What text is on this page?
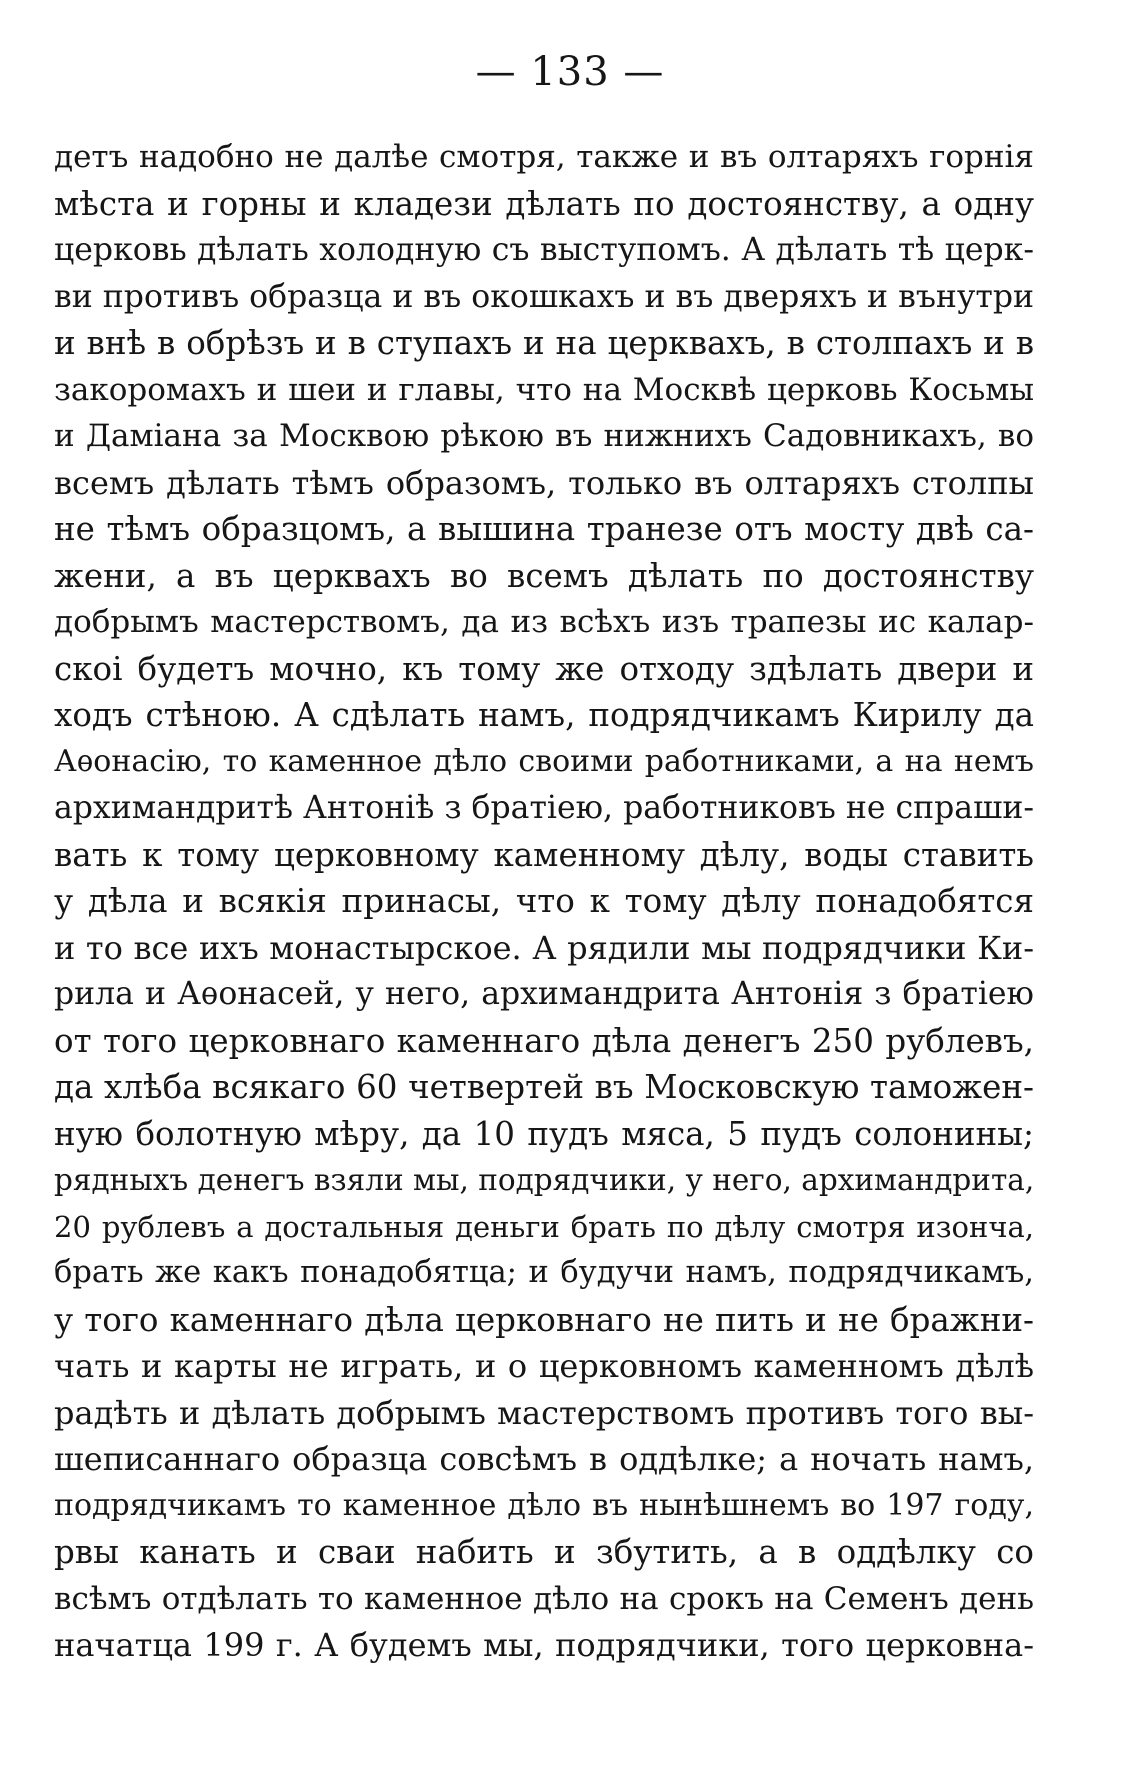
— 133 —
детъ надобно не далѣе смотря, также и въ олтаряхъ горнія
мѣста и горны и кладези дѣлать по достоянству, а одну
церковь дѣлать холодную съ выступомъ. А дѣлать тѣ церк-
ви противъ образца и въ окошкахъ и въ дверяхъ и вънутри
и внѣ в обрѣзъ и в ступахъ и на церквахъ, в столпахъ и в
закоромахъ и шеи и главы, что на Москвѣ церковь Косьмы
и Даміана за Москвою рѣкою въ нижнихъ Садовникахъ, во
всемъ дѣлать тѣмъ образомъ, только въ олтаряхъ столпы
не тѣмъ образцомъ, а вышина транезе отъ мосту двѣ са-
жени, а въ церквахъ во всемъ дѣлать по достоянству
добрымъ мастерствомъ, да из всѣхъ изъ трапезы ис калар-
скоі будетъ мочно, къ тому же отходу здѣлать двери и
ходъ стѣною. А сдѣлать намъ, подрядчикамъ Кирилу да
Аѳонасію, то каменное дѣло своими работниками, а на немъ
архимандритѣ Антоніѣ з братіею, работниковъ не спраши-
вать к тому церковному каменному дѣлу, воды ставить
у дѣла и всякія принасы, что к тому дѣлу понадобятся
и то все ихъ монастырское. А рядили мы подрядчики Ки-
рила и Аѳонасей, у него, архимандрита Антонія з братіею
от того церковнаго каменнаго дѣла денегъ 250 рублевъ,
да хлѣба всякаго 60 четвертей въ Московскую таможен-
ную болотную мѣру, да 10 пудъ мяса, 5 пудъ солонины;
рядныхъ денегъ взяли мы, подрядчики, у него, архимандрита,
20 рублевъ а достальныя деньги брать по дѣлу смотря изонча,
брать же какъ понадобятца; и будучи намъ, подрядчикамъ,
у того каменнаго дѣла церковнаго не пить и не бражни-
чать и карты не играть, и о церковномъ каменномъ дѣлѣ
радѣть и дѣлать добрымъ мастерствомъ противъ того вы-
шеписаннаго образца совсѣмъ в оддѣлке; а ночать намъ,
подрядчикамъ то каменное дѣло въ нынѣшнемъ во 197 году,
рвы канать и сваи набить и збутить, а в оддѣлку со
всѣмъ отдѣлать то каменное дѣло на срокъ на Семенъ день
начатца 199 г. А будемъ мы, подрядчики, того церковна-
